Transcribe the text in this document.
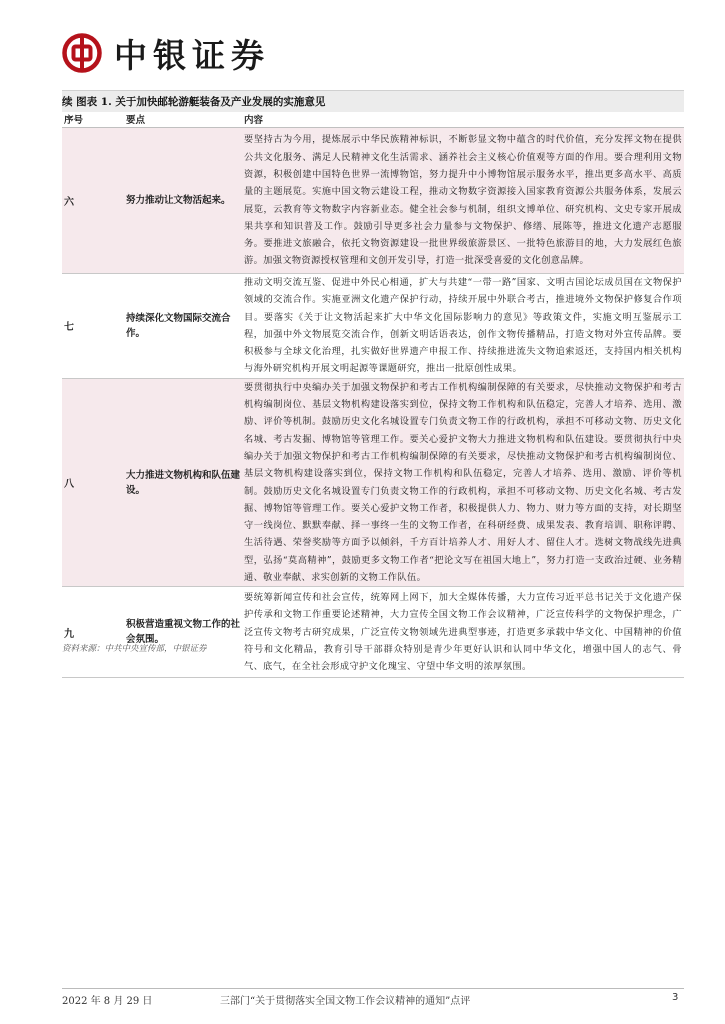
中银证券
续 图表 1. 关于加快邮轮游艇装备及产业发展的实施意见
序号	要点	内容
六	努力推动让文物活起来。	要坚持古为今用，提炼展示中华民族精神标识，不断彰显文物中蕴含的时代价值，充分发挥文物在提供公共文化服务、满足人民精神文化生活需求、涵养社会主义核心价值观等方面的作用。要合理利用文物资源，积极创建中国特色世界一流博物馆，努力提升中小博物馆展示服务水平，推出更多高水平、高质量的主题展览。实施中国文物云建设工程，推动文物数字资源接入国家教育资源公共服务体系，发展云展览，云教育等文物数字内容新业态。健全社会参与机制，组织文博单位、研究机构、文史专家开展成果共享和知识普及工作。鼓励引导更多社会力量参与文物保护、修缮、展陈等，推进文化遗产志愿服务。要推进文旅融合，依托文物资源建设一批世界级旅游景区、一批特色旅游目的地，大力发展红色旅游。加强文物资源授权管理和文创开发引导，打造一批深受喜爱的文化创意品牌。
七	持续深化文物国际交流合作。	推动文明交流互鉴、促进中外民心相通，扩大与共建“一带一路”国家、文明古国论坛成员国在文物保护领域的交流合作。实施亚洲文化遗产保护行动，持续开展中外联合考古，推进境外文物保护修复合作项目。要落实《关于让文物活起来扩大中华文化国际影响力的意见》等政策文件，实施文明互鉴展示工程，加强中外文物展览交流合作，创新文明话语表达，创作文物传播精品，打造文物对外宣传品牌。要积极参与全球文化治理，扎实做好世界遗产申报工作、持续推进流失文物追索返还，支持国内相关机构与海外研究机构开展文明起源等课题研究，推出一批原创性成果。
八	大力推进文物机构和队伍建设。	要贯彻执行中央编办关于加强文物保护和考古工作机构编制保障的有关要求，尽快推动文物保护和考古机构编制岗位、基层文物机构建设落实到位，保持文物工作机构和队伍稳定，完善人才培养、选用、激励、评价等机制。鼓励历史文化名城设置专门负责文物工作的行政机构，承担不可移动文物、历史文化名城、考古发掘、博物馆等管理工作。要关心爱护文物大力推进文物机构和队伍建设。要贯彻执行中央编办关于加强文物保护和考古工作机构编制保障的有关要求，尽快推动文物保护和考古机构编制岗位、基层文物机构建设落实到位，保持文物工作机构和队伍稳定，完善人才培养、选用、激励、评价等机制。鼓励历史文化名城设置专门负责文物工作的行政机构，承担不可移动文物、历史文化名城、考古发掘、博物馆等管理工作。要关心爱护文物工作者，积极提供人力、物力、财力等方面的支持，对长期坚守一线岗位、默默奉献、择一事终一生的文物工作者，在科研经费、成果发表、教育培训、职称评聘、生活待遇、荣誉奖励等方面予以倾斜，千方百计培养人才、用好人才、留住人才。选树文物战线先进典型，弘扬“莫高精神”，鼓励更多文物工作者“把论文写在祖国大地上”，努力打造一支政治过硬、业务精通、敬业奉献、求实创新的文物工作队伍。
九	积极营造重视文物工作的社会氛围。	要统筹新闻宣传和社会宣传，统筹网上网下，加大全媒体传播，大力宣传习近平总书记关于文化遗产保护传承和文物工作重要论述精神，大力宣传全国文物工作会议精神，广泛宣传科学的文物保护理念，广泛宣传文物考古研究成果，广泛宣传文物领域先进典型事迹，打造更多承载中华文化、中国精神的价值符号和文化精品，教育引导干部群众特别是青少年更好认识和认同中华文化，增强中国人的志气、骨气、底气，在全社会形成守护文化瑰宝、守望中华文明的浓厚氛围。
资料来源：中共中央宣传部，中银证券
2022 年 8 月 29 日	三部门“关于贯彻落实全国文物工作会议精神的通知”点评	3
